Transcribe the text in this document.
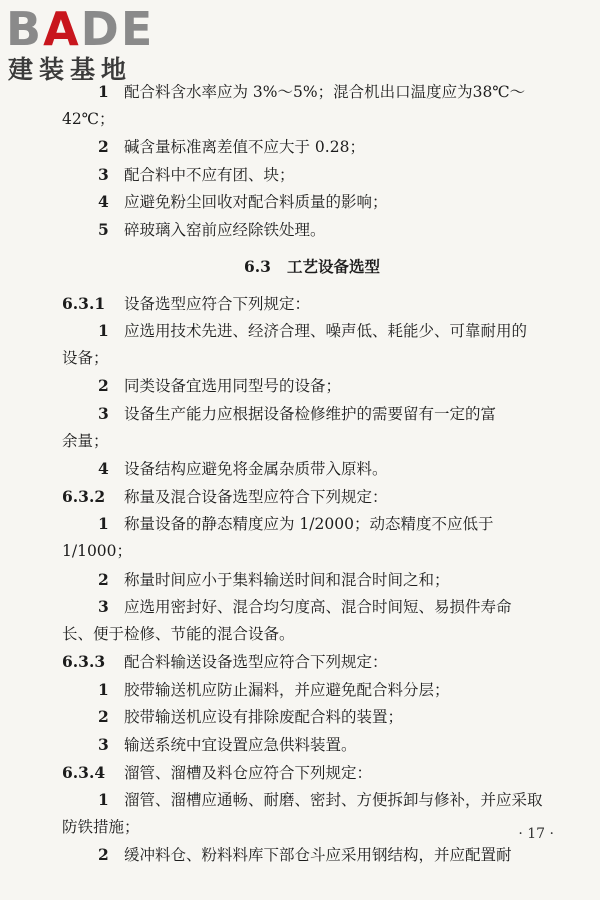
BADE
建装基地
1 配合料含水率应为 3%～5%；混合机出口温度应为38℃～
42℃；
2 碱含量标准离差值不应大于 0.28；
3 配合料中不应有团、块；
4 应避免粉尘回收对配合料质量的影响；
5 碎玻璃入窑前应经除铁处理。
6.3 工艺设备选型
6.3.1 设备选型应符合下列规定：
1 应选用技术先进、经济合理、噪声低、耗能少、可靠耐用的
设备；
2 同类设备宜选用同型号的设备；
3 设备生产能力应根据设备检修维护的需要留有一定的富
余量；
4 设备结构应避免将金属杂质带入原料。
6.3.2 称量及混合设备选型应符合下列规定：
1 称量设备的静态精度应为 1/2000；动态精度不应低于
1/1000；
2 称量时间应小于集料输送时间和混合时间之和；
3 应选用密封好、混合均匀度高、混合时间短、易损件寿命
长、便于检修、节能的混合设备。
6.3.3 配合料输送设备选型应符合下列规定：
1 胶带输送机应防止漏料，并应避免配合料分层；
2 胶带输送机应设有排除废配合料的装置；
3 输送系统中宜设置应急供料装置。
6.3.4 溜管、溜槽及料仓应符合下列规定：
1 溜管、溜槽应通畅、耐磨、密封、方便拆卸与修补，并应采取
防铁措施；
2 缓冲料仓、粉料料库下部仓斗应采用钢结构，并应配置耐
· 17 ·
